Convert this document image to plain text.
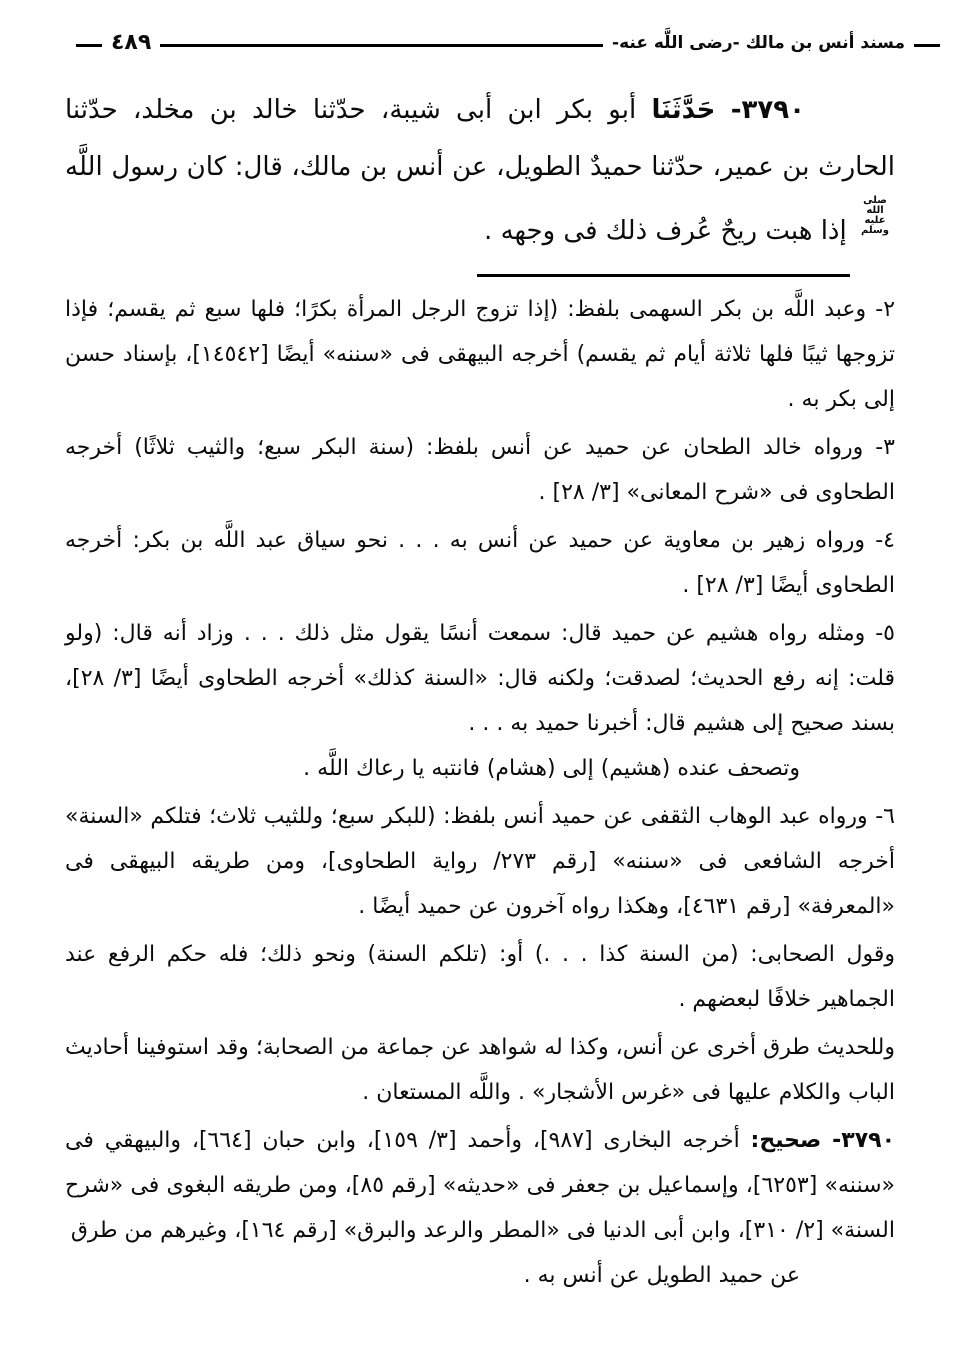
مسند أنس بن مالك -رضى اللَّه عنه-
٤٨٩

٣٧٩٠- حَدَّثَنَا أبو بكر ابن أبى شيبة، حدّثنا خالد بن مخلد، حدّثنا الحارث بن عمير، حدّثنا حميدٌ الطويل، عن أنس بن مالك، قال: كان رسول اللَّه صلى الله عليه وسلم إذا هبت ريحٌ عُرف ذلك فى وجهه .

٢- وعبد اللَّه بن بكر السهمى بلفظ: (إذا تزوج الرجل المرأة بكرًا؛ فلها سبع ثم يقسم؛ فإذا تزوجها ثيبًا فلها ثلاثة أيام ثم يقسم) أخرجه البيهقى فى «سننه» أيضًا [١٤٥٤٢]، بإسناد حسن إلى بكر به .

٣- ورواه خالد الطحان عن حميد عن أنس بلفظ: (سنة البكر سبع؛ والثيب ثلاثًا) أخرجه الطحاوى فى «شرح المعانى» [٣/ ٢٨] .

٤- ورواه زهير بن معاوية عن حميد عن أنس به . . . نحو سياق عبد اللَّه بن بكر: أخرجه الطحاوى أيضًا [٣/ ٢٨] .

٥- ومثله رواه هشيم عن حميد قال: سمعت أنسًا يقول مثل ذلك . . . وزاد أنه قال: (ولو قلت: إنه رفع الحديث؛ لصدقت؛ ولكنه قال: «السنة كذلك» أخرجه الطحاوى أيضًا [٣/ ٢٨]، بسند صحيح إلى هشيم قال: أخبرنا حميد به . . .
وتصحف عنده (هشيم) إلى (هشام) فانتبه يا رعاك اللَّه .

٦- ورواه عبد الوهاب الثقفى عن حميد أنس بلفظ: (للبكر سبع؛ وللثيب ثلاث؛ فتلكم «السنة» أخرجه الشافعى فى «سننه» [رقم ٢٧٣/ رواية الطحاوى]، ومن طريقه البيهقى فى «المعرفة» [رقم ٤٦٣١]، وهكذا رواه آخرون عن حميد أيضًا .

وقول الصحابى: (من السنة كذا . . .) أو: (تلكم السنة) ونحو ذلك؛ فله حكم الرفع عند الجماهير خلافًا لبعضهم .

وللحديث طرق أخرى عن أنس، وكذا له شواهد عن جماعة من الصحابة؛ وقد استوفينا أحاديث الباب والكلام عليها فى «غرس الأشجار» . واللَّه المستعان .

٣٧٩٠- صحيح: أخرجه البخارى [٩٨٧]، وأحمد [٣/ ١٥٩]، وابن حبان [٦٦٤]، والبيهقي فى «سننه» [٦٢٥٣]، وإسماعيل بن جعفر فى «حديثه» [رقم ٨٥]، ومن طريقه البغوى فى «شرح السنة» [٢/ ٣١٠]، وابن أبى الدنيا فى «المطر والرعد والبرق» [رقم ١٦٤]، وغيرهم من طرق
عن حميد الطويل عن أنس به .
